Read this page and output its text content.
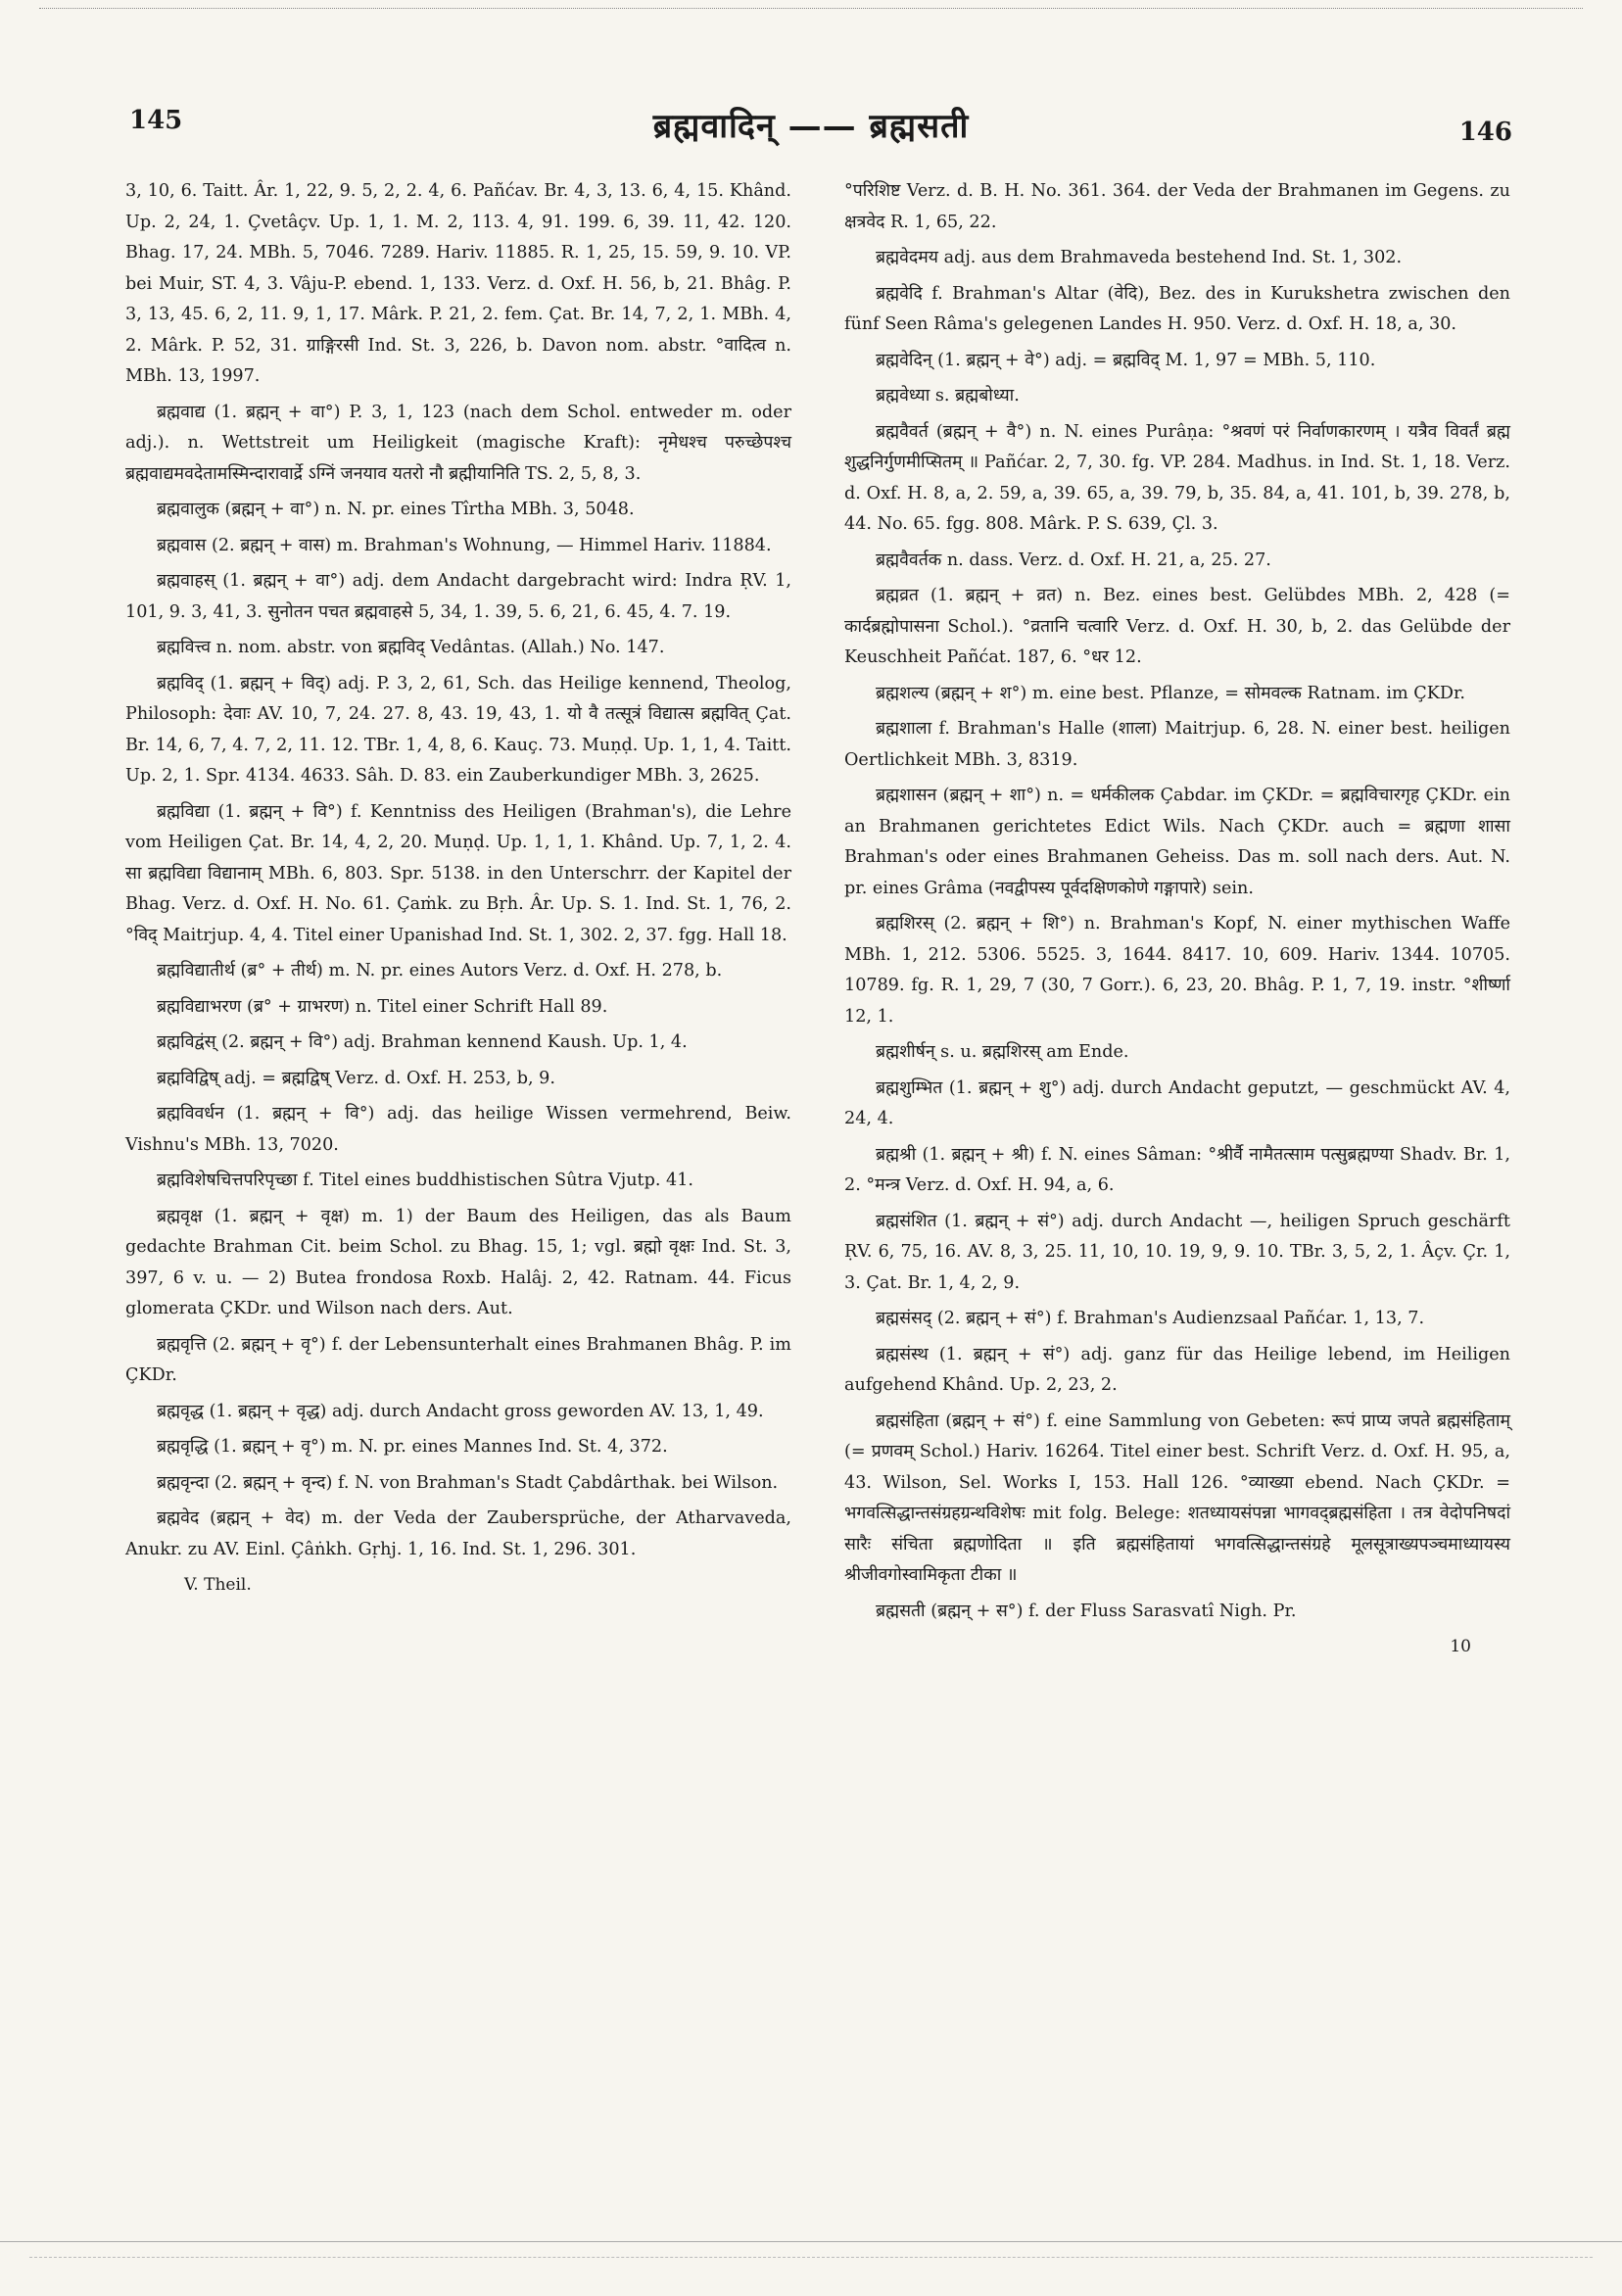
145	ब्रह्मवादिन् —— ब्रह्मसती	146

3, 10, 6. Taitt. Âr. 1, 22, 9. 5, 2, 2. 4, 6. Pañćav. Br. 4, 3, 13. 6, 4, 15. Khând. Up. 2, 24, 1. Çvetâçv. Up. 1, 1. M. 2, 113. 4, 91. 199. 6, 39. 11, 42. 120. Bhag. 17, 24. MBh. 5, 7046. 7289. Hariv. 11885. R. 1, 25, 15. 59, 9. 10. VP. bei Muir, ST. 4, 3. Vâju-P. ebend. 1, 133. Verz. d. Oxf. H. 56, b, 21. Bhâg. P. 3, 13, 45. 6, 2, 11. 9, 1, 17. Mârk. P. 21, 2. fem. Çat. Br. 14, 7, 2, 1. MBh. 4, 2. Mârk. P. 52, 31. ग्राङ्गिरसी Ind. St. 3, 226, b. Davon nom. abstr. °वादित्व n. MBh. 13, 1997.

ब्रह्मवाद्य (1. ब्रह्मन् + वा°) P. 3, 1, 123 (nach dem Schol. entweder m. oder adj.). n. Wettstreit um Heiligkeit (magische Kraft): नृमेधश्च परुच्छेपश्च ब्रह्मवाद्यमवदेतामस्मिन्दारावार्द्रे ऽग्निं जनयाव यतरो नौ ब्रह्मीयानिति TS. 2, 5, 8, 3.

ब्रह्मवालुक (ब्रह्मन् + वा°) n. N. pr. eines Tîrtha MBh. 3, 5048.

ब्रह्मवास (2. ब्रह्मन् + वास) m. Brahman's Wohnung, — Himmel Hariv. 11884.

ब्रह्मवाहस् (1. ब्रह्मन् + वा°) adj. dem Andacht dargebracht wird: Indra ṚV. 1, 101, 9. 3, 41, 3. सुनोतन पचत ब्रह्मवाहसे 5, 34, 1. 39, 5. 6, 21, 6. 45, 4. 7. 19.

ब्रह्मवित्त्व n. nom. abstr. von ब्रह्मविद् Vedântas. (Allah.) No. 147.

ब्रह्मविद् (1. ब्रह्मन् + विद्) adj. P. 3, 2, 61, Sch. das Heilige kennend, Theolog, Philosoph: देवाः AV. 10, 7, 24. 27. 8, 43. 19, 43, 1. यो वै तत्सूत्रं विद्यात्स ब्रह्मवित् Çat. Br. 14, 6, 7, 4. 7, 2, 11. 12. TBr. 1, 4, 8, 6. Kauç. 73. Muṇḍ. Up. 1, 1, 4. Taitt. Up. 2, 1. Spr. 4134. 4633. Sâh. D. 83. ein Zauberkundiger MBh. 3, 2625.

ब्रह्मविद्या (1. ब्रह्मन् + वि°) f. Kenntniss des Heiligen (Brahman's), die Lehre vom Heiligen Çat. Br. 14, 4, 2, 20. Muṇḍ. Up. 1, 1, 1. Khând. Up. 7, 1, 2. 4. सा ब्रह्मविद्या विद्यानाम् MBh. 6, 803. Spr. 5138. in den Unterschrr. der Kapitel der Bhag. Verz. d. Oxf. H. No. 61. Çaṁk. zu Bṛh. Âr. Up. S. 1. Ind. St. 1, 76, 2. °विद् Maitrjup. 4, 4. Titel einer Upanishad Ind. St. 1, 302. 2, 37. fgg. Hall 18.

ब्रह्मविद्यातीर्थ (ब्र° + तीर्थ) m. N. pr. eines Autors Verz. d. Oxf. H. 278, b.

ब्रह्मविद्याभरण (ब्र° + ग्राभरण) n. Titel einer Schrift Hall 89.

ब्रह्मविद्वंस् (2. ब्रह्मन् + वि°) adj. Brahman kennend Kaush. Up. 1, 4.

ब्रह्मविद्विष् adj. = ब्रह्मद्विष् Verz. d. Oxf. H. 253, b, 9.

ब्रह्मविवर्धन (1. ब्रह्मन् + वि°) adj. das heilige Wissen vermehrend, Beiw. Vishnu's MBh. 13, 7020.

ब्रह्मविशेषचित्तपरिपृच्छा f. Titel eines buddhistischen Sûtra Vjutp. 41.

ब्रह्मवृक्ष (1. ब्रह्मन् + वृक्ष) m. 1) der Baum des Heiligen, das als Baum gedachte Brahman Cit. beim Schol. zu Bhag. 15, 1; vgl. ब्रह्मो वृक्षः Ind. St. 3, 397, 6 v. u. — 2) Butea frondosa Roxb. Halâj. 2, 42. Ratnam. 44. Ficus glomerata ÇKDr. und Wilson nach ders. Aut.

ब्रह्मवृत्ति (2. ब्रह्मन् + वृ°) f. der Lebensunterhalt eines Brahmanen Bhâg. P. im ÇKDr.

ब्रह्मवृद्ध (1. ब्रह्मन् + वृद्ध) adj. durch Andacht gross geworden AV. 13, 1, 49.

ब्रह्मवृद्धि (1. ब्रह्मन् + वृ°) m. N. pr. eines Mannes Ind. St. 4, 372.

ब्रह्मवृन्दा (2. ब्रह्मन् + वृन्द) f. N. von Brahman's Stadt Çabdârthak. bei Wilson.

ब्रह्मवेद (ब्रह्मन् + वेद) m. der Veda der Zaubersprüche, der Atharvaveda, Anukr. zu AV. Einl. Çâṅkh. Gṛhj. 1, 16. Ind. St. 1, 296. 301.

V. Theil.

°परिशिष्ट Verz. d. B. H. No. 361. 364. der Veda der Brahmanen im Gegens. zu क्षत्रवेद R. 1, 65, 22.

ब्रह्मवेदमय adj. aus dem Brahmaveda bestehend Ind. St. 1, 302.

ब्रह्मवेदि f. Brahman's Altar (वेदि), Bez. des in Kurukshetra zwischen den fünf Seen Râma's gelegenen Landes H. 950. Verz. d. Oxf. H. 18, a, 30.

ब्रह्मवेदिन् (1. ब्रह्मन् + वे°) adj. = ब्रह्मविद् M. 1, 97 = MBh. 5, 110.

ब्रह्मवेध्या s. ब्रह्मबोध्या.

ब्रह्मवैवर्त (ब्रह्मन् + वै°) n. N. eines Purâṇa: °श्रवणं परं निर्वाणकारणम् । यत्रैव विवर्तं ब्रह्म शुद्धनिर्गुणमीप्सितम् ॥ Pañćar. 2, 7, 30. fg. VP. 284. Madhus. in Ind. St. 1, 18. Verz. d. Oxf. H. 8, a, 2. 59, a, 39. 65, a, 39. 79, b, 35. 84, a, 41. 101, b, 39. 278, b, 44. No. 65. fgg. 808. Mârk. P. S. 639, Çl. 3.

ब्रह्मवैवर्तक n. dass. Verz. d. Oxf. H. 21, a, 25. 27.

ब्रह्मव्रत (1. ब्रह्मन् + व्रत) n. Bez. eines best. Gelübdes MBh. 2, 428 (= कार्दब्रह्मोपासना Schol.). °व्रतानि चत्वारि Verz. d. Oxf. H. 30, b, 2. das Gelübde der Keuschheit Pañćat. 187, 6. °धर 12.

ब्रह्मशल्य (ब्रह्मन् + श°) m. eine best. Pflanze, = सोमवल्क Ratnam. im ÇKDr.

ब्रह्मशाला f. Brahman's Halle (शाला) Maitrjup. 6, 28. N. einer best. heiligen Oertlichkeit MBh. 3, 8319.

ब्रह्मशासन (ब्रह्मन् + शा°) n. = धर्मकीलक Çabdar. im ÇKDr. = ब्रह्मविचारगृह ÇKDr. ein an Brahmanen gerichtetes Edict Wils. Nach ÇKDr. auch = ब्रह्मणा शासा Brahman's oder eines Brahmanen Geheiss. Das m. soll nach ders. Aut. N. pr. eines Grâma (नवद्वीपस्य पूर्वदक्षिणकोणे गङ्गापारे) sein.

ब्रह्मशिरस् (2. ब्रह्मन् + शि°) n. Brahman's Kopf, N. einer mythischen Waffe MBh. 1, 212. 5306. 5525. 3, 1644. 8417. 10, 609. Hariv. 1344. 10705. 10789. fg. R. 1, 29, 7 (30, 7 Gorr.). 6, 23, 20. Bhâg. P. 1, 7, 19. instr. °शीर्ष्णा 12, 1.

ब्रह्मशीर्षन् s. u. ब्रह्मशिरस् am Ende.

ब्रह्मशुम्भित (1. ब्रह्मन् + शु°) adj. durch Andacht geputzt, — geschmückt AV. 4, 24, 4.

ब्रह्मश्री (1. ब्रह्मन् + श्री) f. N. eines Sâman: °श्रीर्वै नामैतत्साम पत्सुब्रह्मण्या Shadv. Br. 1, 2. °मन्त्र Verz. d. Oxf. H. 94, a, 6.

ब्रह्मसंशित (1. ब्रह्मन् + सं°) adj. durch Andacht —, heiligen Spruch geschärft ṚV. 6, 75, 16. AV. 8, 3, 25. 11, 10, 10. 19, 9, 9. 10. TBr. 3, 5, 2, 1. Âçv. Çr. 1, 3. Çat. Br. 1, 4, 2, 9.

ब्रह्मसंसद् (2. ब्रह्मन् + सं°) f. Brahman's Audienzsaal Pañćar. 1, 13, 7.

ब्रह्मसंस्थ (1. ब्रह्मन् + सं°) adj. ganz für das Heilige lebend, im Heiligen aufgehend Khând. Up. 2, 23, 2.

ब्रह्मसंहिता (ब्रह्मन् + सं°) f. eine Sammlung von Gebeten: रूपं प्राप्य जपते ब्रह्मसंहिताम् (= प्रणवम् Schol.) Hariv. 16264. Titel einer best. Schrift Verz. d. Oxf. H. 95, a, 43. Wilson, Sel. Works I, 153. Hall 126. °व्याख्या ebend. Nach ÇKDr. = भगवत्सिद्धान्तसंग्रहग्रन्थविशेषः mit folg. Belege: शतध्यायसंपन्ना भागवद्ब्रह्मसंहिता । तत्र वेदोपनिषदां सारैः संचिता ब्रह्मणोदिता ॥ इति ब्रह्मसंहितायां भगवत्सिद्धान्तसंग्रहे मूलसूत्राख्यपञ्चमाध्यायस्य श्रीजीवगोस्वामिकृता टीका ॥

ब्रह्मसती (ब्रह्मन् + स°) f. der Fluss Sarasvatî Nigh. Pr.

10
